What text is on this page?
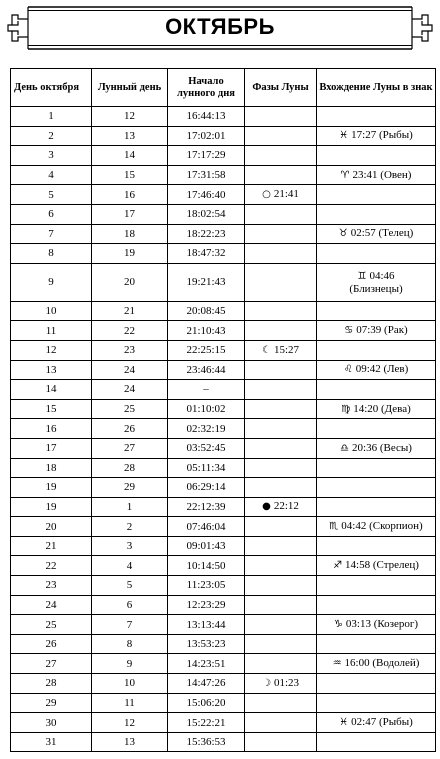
ОКТЯБРЬ
День октября	Лунный день	Начало лунного дня	Фазы Луны	Вхождение Луны в знак
1	12	16:44:13		
2	13	17:02:01		♓ 17:27 (Рыбы)
3	14	17:17:29		
4	15	17:31:58		♈ 23:41 (Овен)
5	16	17:46:40	○ 21:41	
6	17	18:02:54		
7	18	18:22:23		♉ 02:57 (Телец)
8	19	18:47:32		
9	20	19:21:43		♊ 04:46
(Близнецы)
10	21	20:08:45		
11	22	21:10:43		♋ 07:39 (Рак)
12	23	22:25:15	☾ 15:27	
13	24	23:46:44		♌ 09:42 (Лев)
14	24	–		
15	25	01:10:02		♍ 14:20 (Дева)
16	26	02:32:19		
17	27	03:52:45		♎ 20:36 (Весы)
18	28	05:11:34		
19	29	06:29:14		
19	1	22:12:39	● 22:12	
20	2	07:46:04		♏ 04:42 (Скорпион)
21	3	09:01:43		
22	4	10:14:50		♐ 14:58 (Стрелец)
23	5	11:23:05		
24	6	12:23:29		
25	7	13:13:44		♑ 03:13 (Козерог)
26	8	13:53:23		
27	9	14:23:51		♒ 16:00 (Водолей)
28	10	14:47:26	☽ 01:23	
29	11	15:06:20		
30	12	15:22:21		♓ 02:47 (Рыбы)
31	13	15:36:53		
